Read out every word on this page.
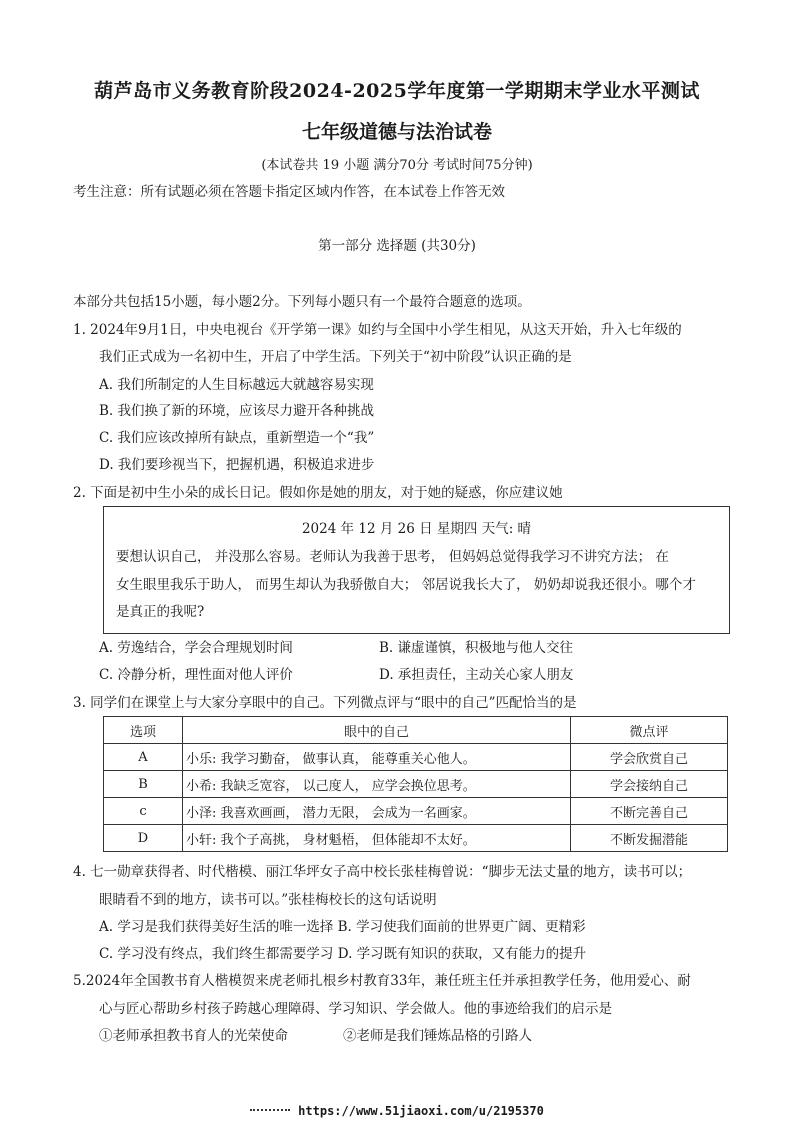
葫芦岛市义务教育阶段2024-2025学年度第一学期期末学业水平测试
七年级道德与法治试卷
(本试卷共 19 小题 满分70分 考试时间75分钟)
考生注意：所有试题必须在答题卡指定区域内作答，在本试卷上作答无效
第一部分 选择题 (共30分)
本部分共包括15小题，每小题2分。下列每小题只有一个最符合题意的选项。
1. 2024年9月1日，中央电视台《开学第一课》如约与全国中小学生相见，从这天开始，升入七年级的
我们正式成为一名初中生，开启了中学生活。下列关于“初中阶段”认识正确的是
A. 我们所制定的人生目标越远大就越容易实现
B. 我们换了新的环境，应该尽力避开各种挑战
C. 我们应该改掉所有缺点，重新塑造一个“我”
D. 我们要珍视当下，把握机遇，积极追求进步
2. 下面是初中生小朵的成长日记。假如你是她的朋友，对于她的疑惑，你应建议她
2024 年 12 月 26 日 星期四 天气: 晴
要想认识自己， 并没那么容易。老师认为我善于思考， 但妈妈总觉得我学习不讲究方法； 在
女生眼里我乐于助人， 而男生却认为我骄傲自大； 邻居说我长大了， 奶奶却说我还很小。哪个才
是真正的我呢?
A. 劳逸结合，学会合理规划时间	B. 谦虚谨慎，积极地与他人交往
C. 冷静分析，理性面对他人评价	D. 承担责任，主动关心家人朋友
3. 同学们在课堂上与大家分享眼中的自己。下列微点评与“眼中的自己”匹配恰当的是
选项	眼中的自己	微点评
A	小乐: 我学习勤奋， 做事认真， 能尊重关心他人。	学会欣赏自己
B	小希: 我缺乏宽容， 以己度人， 应学会换位思考。	学会接纳自己
c	小泽: 我喜欢画画， 潜力无限， 会成为一名画家。	不断完善自己
D	小轩: 我个子高挑， 身材魁梧， 但体能却不太好。	不断发掘潜能
4. 七一勋章获得者、时代楷模、丽江华坪女子高中校长张桂梅曾说：“脚步无法丈量的地方，读书可以；
眼睛看不到的地方，读书可以。”张桂梅校长的这句话说明
A. 学习是我们获得美好生活的唯一选择 B. 学习使我们面前的世界更广阔、更精彩
C. 学习没有终点，我们终生都需要学习 D. 学习既有知识的获取，又有能力的提升
5.2024年全国教书育人楷模贺来虎老师扎根乡村教育33年，兼任班主任并承担教学任务，他用爱心、耐
心与匠心帮助乡村孩子跨越心理障碍、学习知识、学会做人。他的事迹给我们的启示是
①老师承担教书育人的光荣使命	②老师是我们锤炼品格的引路人
https://www.51jiaoxi.com/u/2195370
